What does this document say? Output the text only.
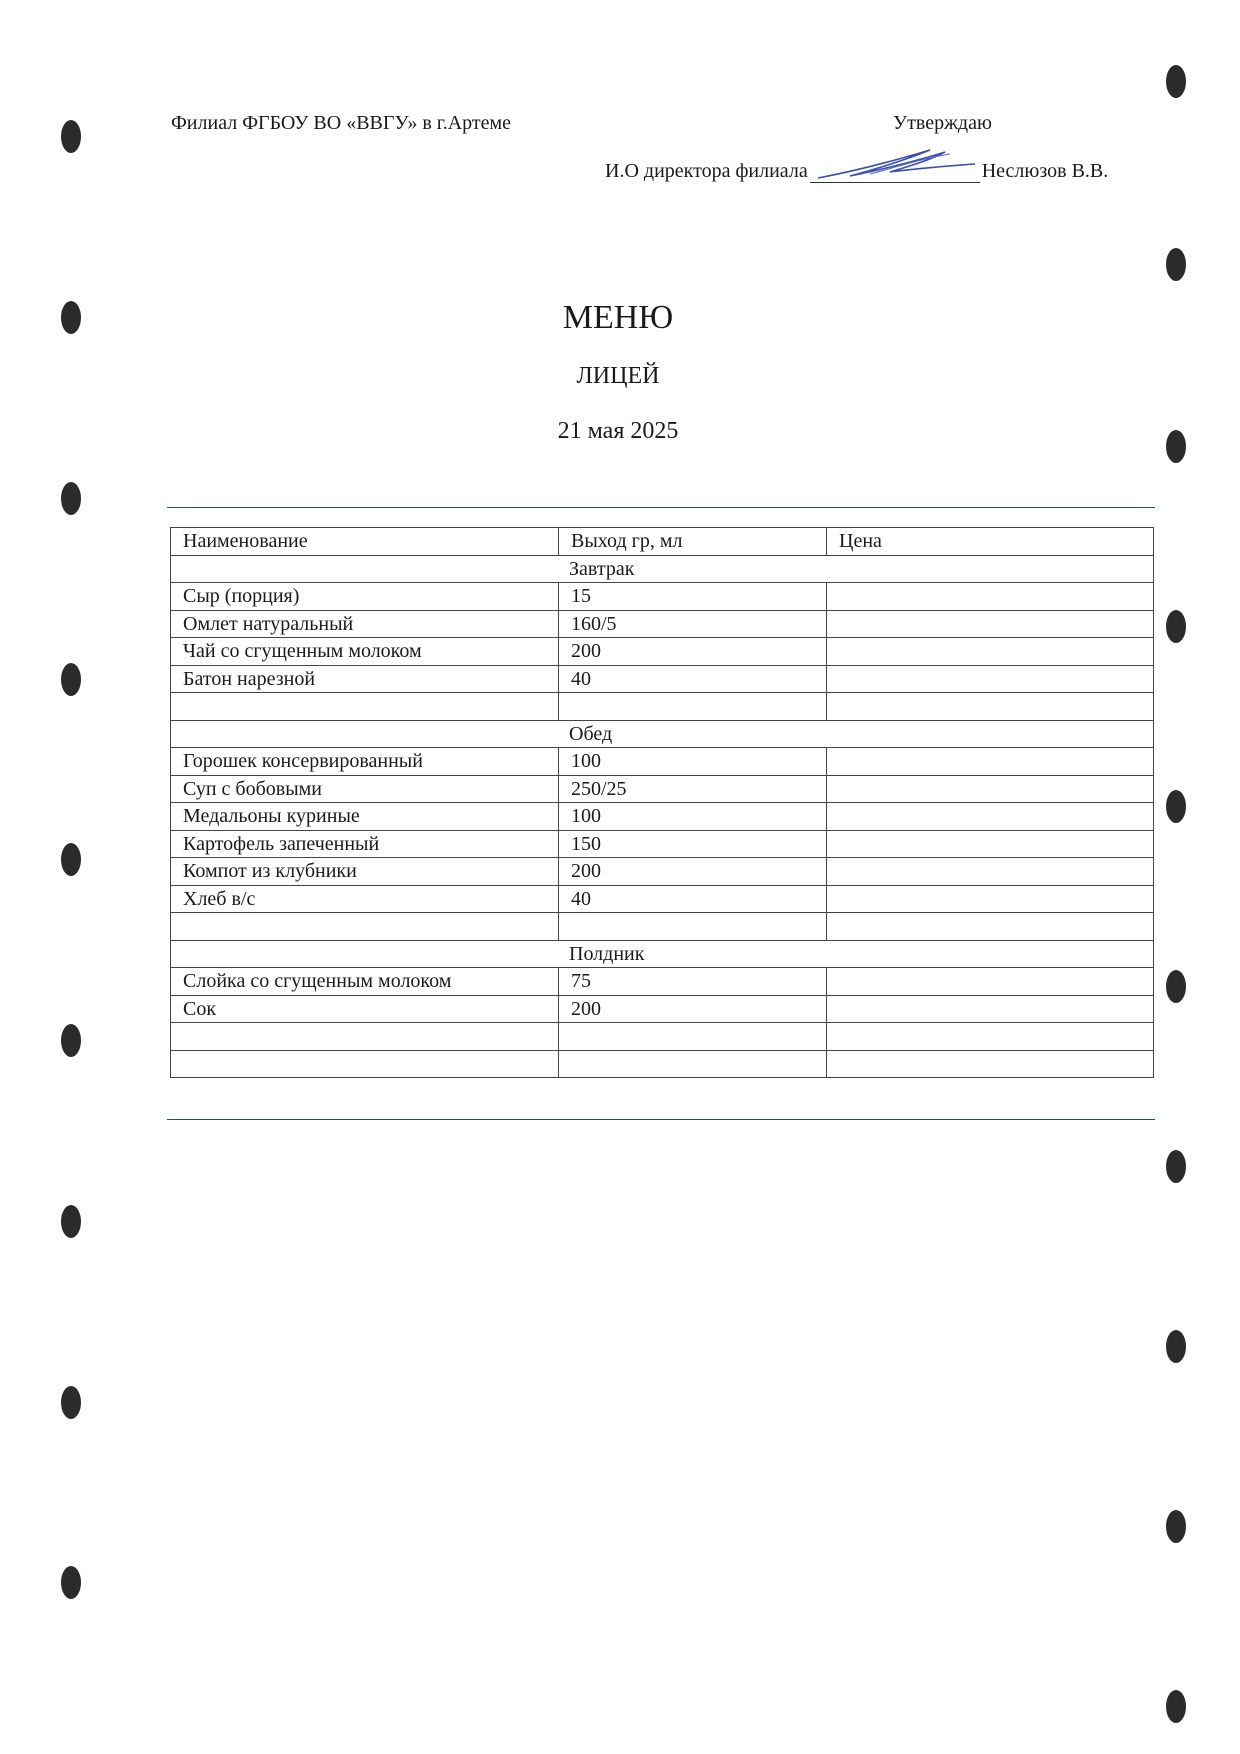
Филиал ФГБОУ ВО «ВВГУ» в г.Артеме	Утверждаю
И.О директора филиала	Неслюзов В.В.
МЕНЮ
ЛИЦЕЙ
21 мая 2025
Наименование	Выход гр, мл	Цена
Завтрак		
Сыр (порция)	15	
Омлет натуральный	160/5	
Чай со сгущенным молоком	200	
Батон нарезной	40	

Обед		
Горошек консервированный	100	
Суп с бобовыми	250/25	
Медальоны куриные	100	
Картофель запеченный	150	
Компот из клубники	200	
Хлеб в/с	40	

Полдник		
Слойка со сгущенным молоком	75	
Сок	200	
